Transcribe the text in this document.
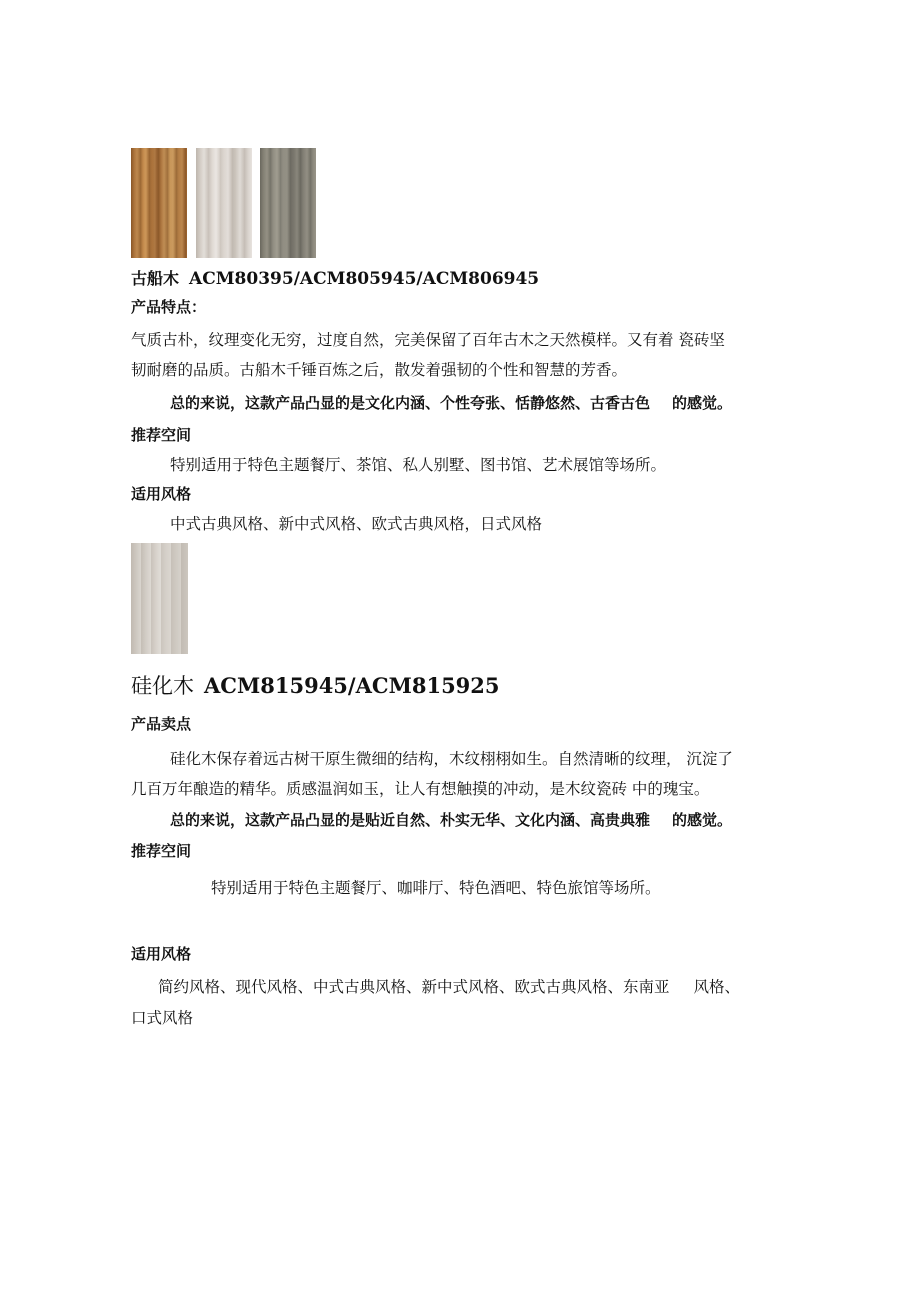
古船木 ACM80395/ACM805945/ACM806945
产品特点：
气质古朴，纹理变化无穷，过度自然，完美保留了百年古木之天然模样。又有着 瓷砖坚
韧耐磨的品质。古船木千锤百炼之后，散发着强韧的个性和智慧的芳香。
总的来说，这款产品凸显的是文化内涵、个性夸张、恬静悠然、古香古色 的感觉。
推荐空间
特别适用于特色主题餐厅、茶馆、私人别墅、图书馆、艺术展馆等场所。
适用风格
中式古典风格、新中式风格、欧式古典风格，日式风格
硅化木 ACM815945/ACM815925
产品卖点
硅化木保存着远古树干原生微细的结构，木纹栩栩如生。自然清晰的纹理， 沉淀了
几百万年酿造的精华。质感温润如玉，让人有想触摸的冲动，是木纹瓷砖 中的瑰宝。
总的来说，这款产品凸显的是贴近自然、朴实无华、文化内涵、高贵典雅 的感觉。
推荐空间
特别适用于特色主题餐厅、咖啡厅、特色酒吧、特色旅馆等场所。
适用风格
简约风格、现代风格、中式古典风格、新中式风格、欧式古典风格、东南亚 风格、
口式风格
